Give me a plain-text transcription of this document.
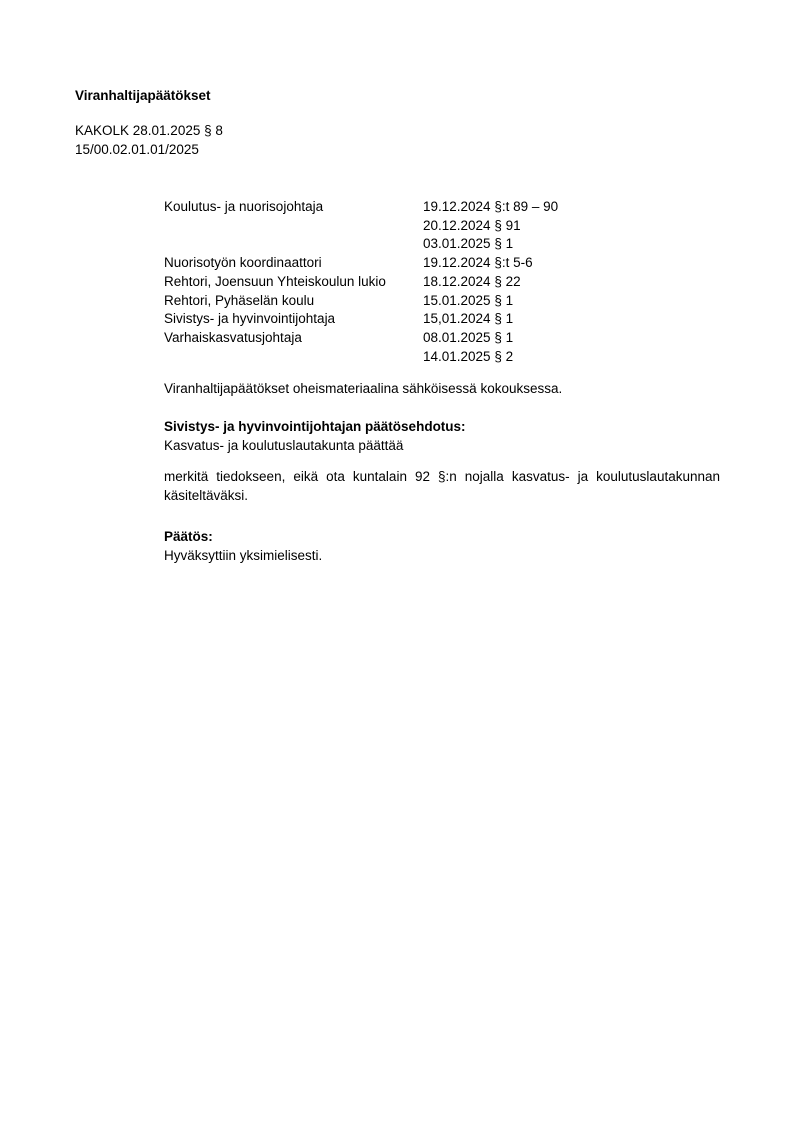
Viranhaltijapäätökset
KAKOLK 28.01.2025 § 8
15/00.02.01.01/2025
Koulutus- ja nuorisojohtaja	19.12.2024 §:t 89 – 90
20.12.2024 § 91
03.01.2025 § 1
Nuorisotyön koordinaattori	19.12.2024 §:t 5-6
Rehtori, Joensuun Yhteiskoulun lukio	18.12.2024 § 22
Rehtori, Pyhäselän koulu	15.01.2025 § 1
Sivistys- ja hyvinvointijohtaja	15,01.2024 § 1
Varhaiskasvatusjohtaja	08.01.2025 § 1
14.01.2025 § 2
Viranhaltijapäätökset oheismateriaalina sähköisessä kokouksessa.
Sivistys- ja hyvinvointijohtajan päätösehdotus:
Kasvatus- ja koulutuslautakunta päättää
merkitä tiedokseen, eikä ota kuntalain 92 §:n nojalla kasvatus- ja koulutuslautakunnan käsiteltäväksi.
Päätös:
Hyväksyttiin yksimielisesti.
